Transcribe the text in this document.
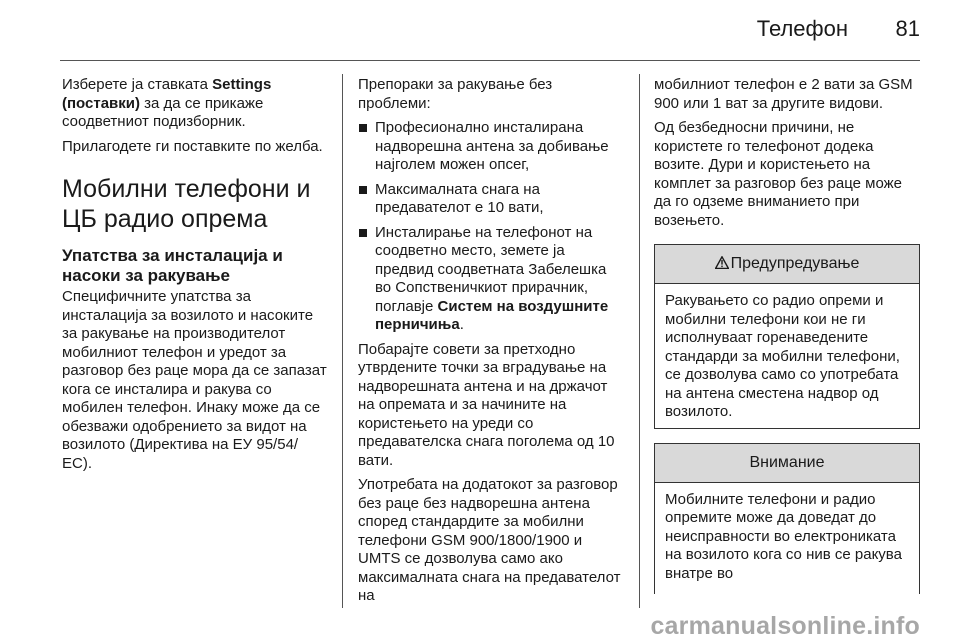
Телефон 81

Изберете ја ставката Settings (поставки) за да се прикаже соодветниот подизборник.

Прилагодете ги поставките по желба.

Мобилни телефони и ЦБ радио опрема
Упатства за инсталација и насоки за ракување

Специфичните упатства за инсталација за возилото и насоките за ракување на производителот мобилниот телефон и уредот за разговор без раце мора да се запазат кога се инсталира и ракува со мобилен телефон. Инаку може да се обезважи одобрението за видот на возилото (Директива на ЕУ 95/54/ ЕС).

Препораки за ракување без проблеми:

Професионално инсталирана надворешна антена за добивање најголем можен опсег,
Максималната снага на предавателот е 10 вати,
Инсталирање на телефонот на соодветно место, земете ја предвид соодветната Забелешка во Сопственичкиот прирачник, поглавје Систем на воздушните перничиња.

Побарајте совети за претходно утврдените точки за вградување на надворешната антена и на држачот на опремата и за начините на користењето на уреди со предавателска снага поголема од 10 вати.

Употребата на додатокот за разговор без раце без надворешна антена според стандардите за мобилни телефони GSM 900/1800/1900 и UMTS се дозволува само ако максималната снага на предавателот на

мобилниот телефон е 2 вати за GSM 900 или 1 ват за другите видови.

Од безбедносни причини, не користете го телефонот додека возите. Дури и користењето на комплет за разговор без раце може да го одземе вниманието при возењето.

Предупредување
Ракувањето со радио опреми и мобилни телефони кои не ги исполнуваат горенаведените стандарди за мобилни телефони, се дозволува само со употребата на антена сместена надвор од возилото.
Внимание
Мобилните телефони и радио опремите може да доведат до неисправности во електрониката на возилото кога со нив се ракува внатре во
carmanualsonline.info
